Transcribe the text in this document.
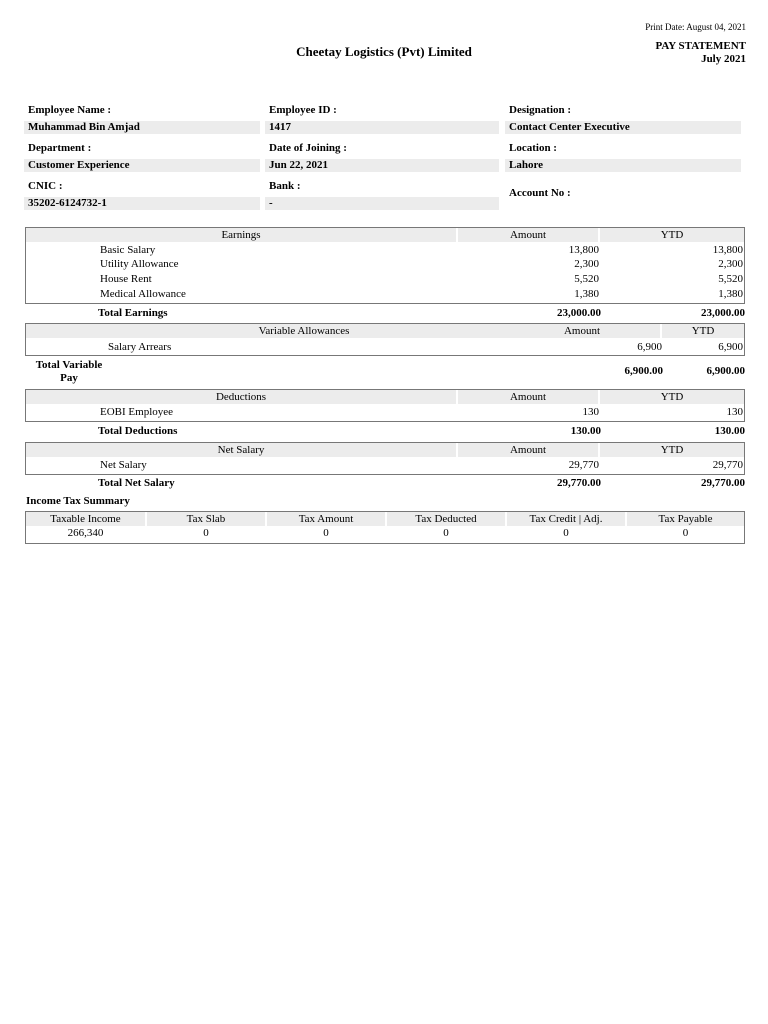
Print Date: August 04, 2021
Cheetay Logistics (Pvt) Limited	PAY STATEMENT
July 2021
Employee Name :
Muhammad Bin Amjad
Employee ID :
1417
Designation :
Contact Center Executive
Department :
Customer Experience
Date of Joining :
Jun 22, 2021
Location :
Lahore
CNIC :
35202-6124732-1
Bank :
-
Account No :
Earnings	Amount	YTD
Basic Salary	13,800	13,800
Utility Allowance	2,300	2,300
House Rent	5,520	5,520
Medical Allowance	1,380	1,380
Total Earnings	23,000.00	23,000.00
Variable Allowances	Amount	YTD
Salary Arrears	6,900	6,900
Total Variable
Pay
6,900.00	6,900.00
Deductions	Amount	YTD
EOBI Employee	130	130
Total Deductions	130.00	130.00
Net Salary	Amount	YTD
Net Salary	29,770	29,770
Total Net Salary	29,770.00	29,770.00
Income Tax Summary
Taxable Income	Tax Slab	Tax Amount	Tax Deducted	Tax Credit | Adj.	Tax Payable
266,340	0	0	0	0	0
